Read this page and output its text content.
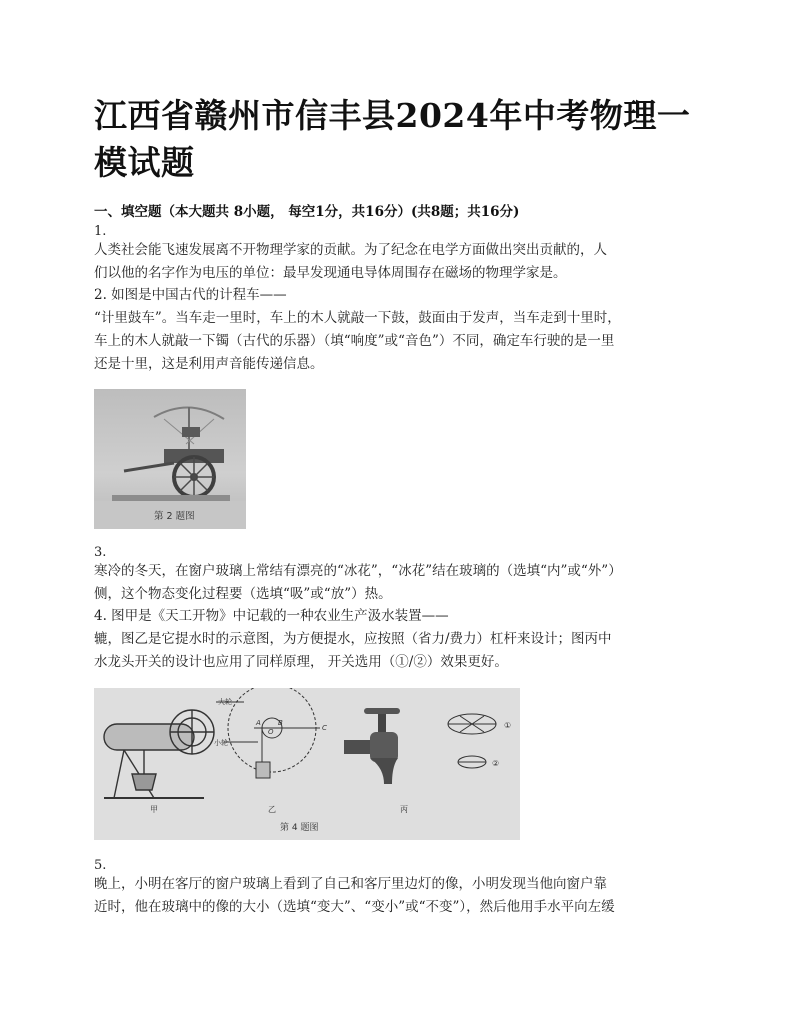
江西省赣州市信丰县2024年中考物理一模试题
一、填空题（本大题共 8小题， 每空1分，共16分）(共8题；共16分)
1.

人类社会能飞速发展离不开物理学家的贡献。为了纪念在电学方面做出突出贡献的，人

们以他的名字作为电压的单位：最早发现通电导体周围存在磁场的物理学家是。

2. 如图是中国古代的计程车——

“计里鼓车”。当车走一里时，车上的木人就敲一下鼓，鼓面由于发声，当车走到十里时，

车上的木人就敲一下镯（古代的乐器）（填“响度”或“音色”）不同，确定车行驶的是一里

还是十里，这是利用声音能传递信息。

第 2 题图
3.

寒冷的冬天，在窗户玻璃上常结有漂亮的“冰花”，“冰花”结在玻璃的（选填“内”或“外”）

侧，这个物态变化过程要（选填“吸”或“放”）热。

4. 图甲是《天工开物》中记载的一种农业生产汲水装置——

辘，图乙是它提水时的示意图，为方便提水，应按照（省力/费力）杠杆来设计；图丙中

水龙头开关的设计也应用了同样原理， 开关选用（①/②）效果更好。

甲
大轮
小轮
A
O
B
C
乙	丙
①
②
第 4 题图
5.

晚上，小明在客厅的窗户玻璃上看到了自己和客厅里边灯的像，小明发现当他向窗户靠

近时，他在玻璃中的像的大小（选填“变大”、“变小”或“不变”），然后他用手水平向左缓
